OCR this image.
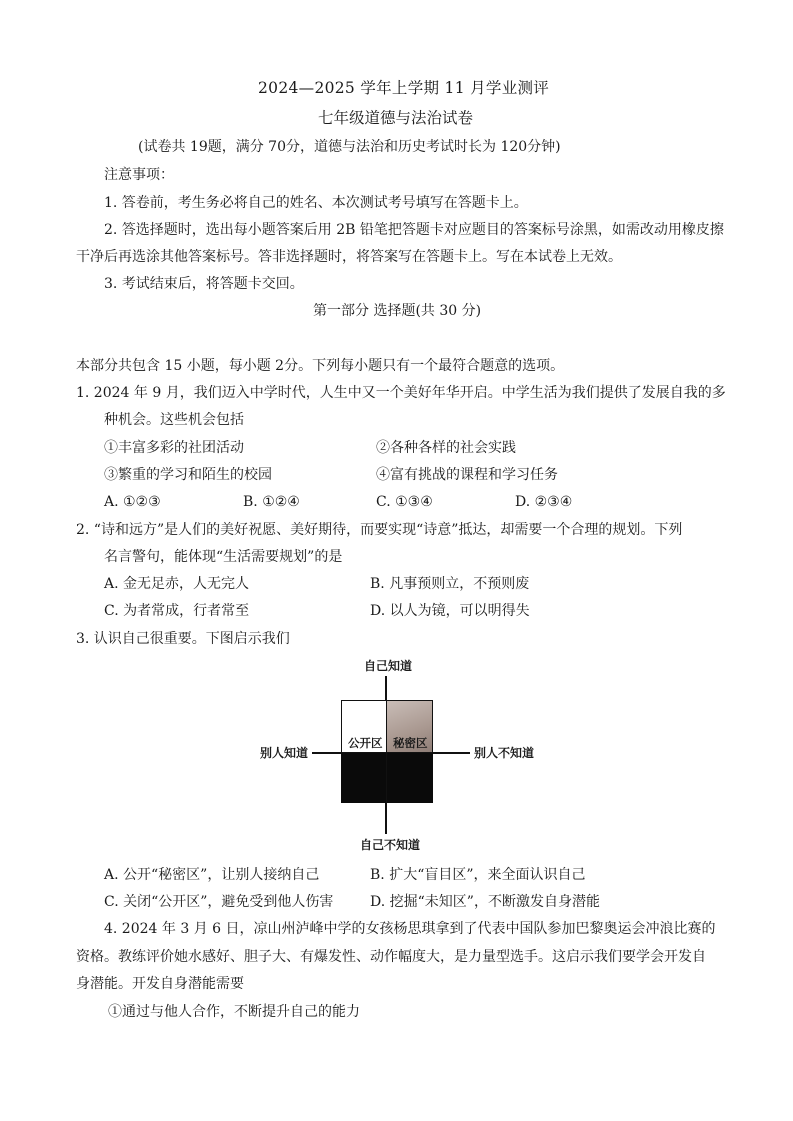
2024—2025 学年上学期 11 月学业测评
七年级道德与法治试卷
(试卷共 19题，满分 70分，道德与法治和历史考试时长为 120分钟)
注意事项：
1. 答卷前，考生务必将自己的姓名、本次测试考号填写在答题卡上。
2. 答选择题时，选出每小题答案后用 2B 铅笔把答题卡对应题目的答案标号涂黑，如需改动用橡皮擦
干净后再选涂其他答案标号。答非选择题时，将答案写在答题卡上。写在本试卷上无效。
3. 考试结束后，将答题卡交回。
第一部分 选择题(共 30 分)
本部分共包含 15 小题，每小题 2分。下列每小题只有一个最符合题意的选项。
1. 2024 年 9 月，我们迈入中学时代，人生中又一个美好年华开启。中学生活为我们提供了发展自我的多
种机会。这些机会包括
①丰富多彩的社团活动	②各种各样的社会实践
③繁重的学习和陌生的校园	④富有挑战的课程和学习任务
A. ①②③	B. ①②④	C. ①③④	D. ②③④
2. “诗和远方”是人们的美好祝愿、美好期待，而要实现“诗意”抵达，却需要一个合理的规划。下列
名言警句，能体现“生活需要规划”的是
A. 金无足赤，人无完人	B. 凡事预则立，不预则废
C. 为者常成，行者常至	D. 以人为镜，可以明得失
3. 认识自己很重要。下图启示我们
自己知道
自己不知道
别人知道	别人不知道
公开区 秘密区
A. 公开“秘密区”，让别人接纳自己	B. 扩大“盲目区”，来全面认识自己
C. 关闭“公开区”，避免受到他人伤害	D. 挖掘“未知区”，不断激发自身潜能
4. 2024 年 3 月 6 日，凉山州泸峰中学的女孩杨思琪拿到了代表中国队参加巴黎奥运会冲浪比赛的
资格。教练评价她水感好、胆子大、有爆发性、动作幅度大，是力量型选手。这启示我们要学会开发自
身潜能。开发自身潜能需要
①通过与他人合作，不断提升自己的能力
